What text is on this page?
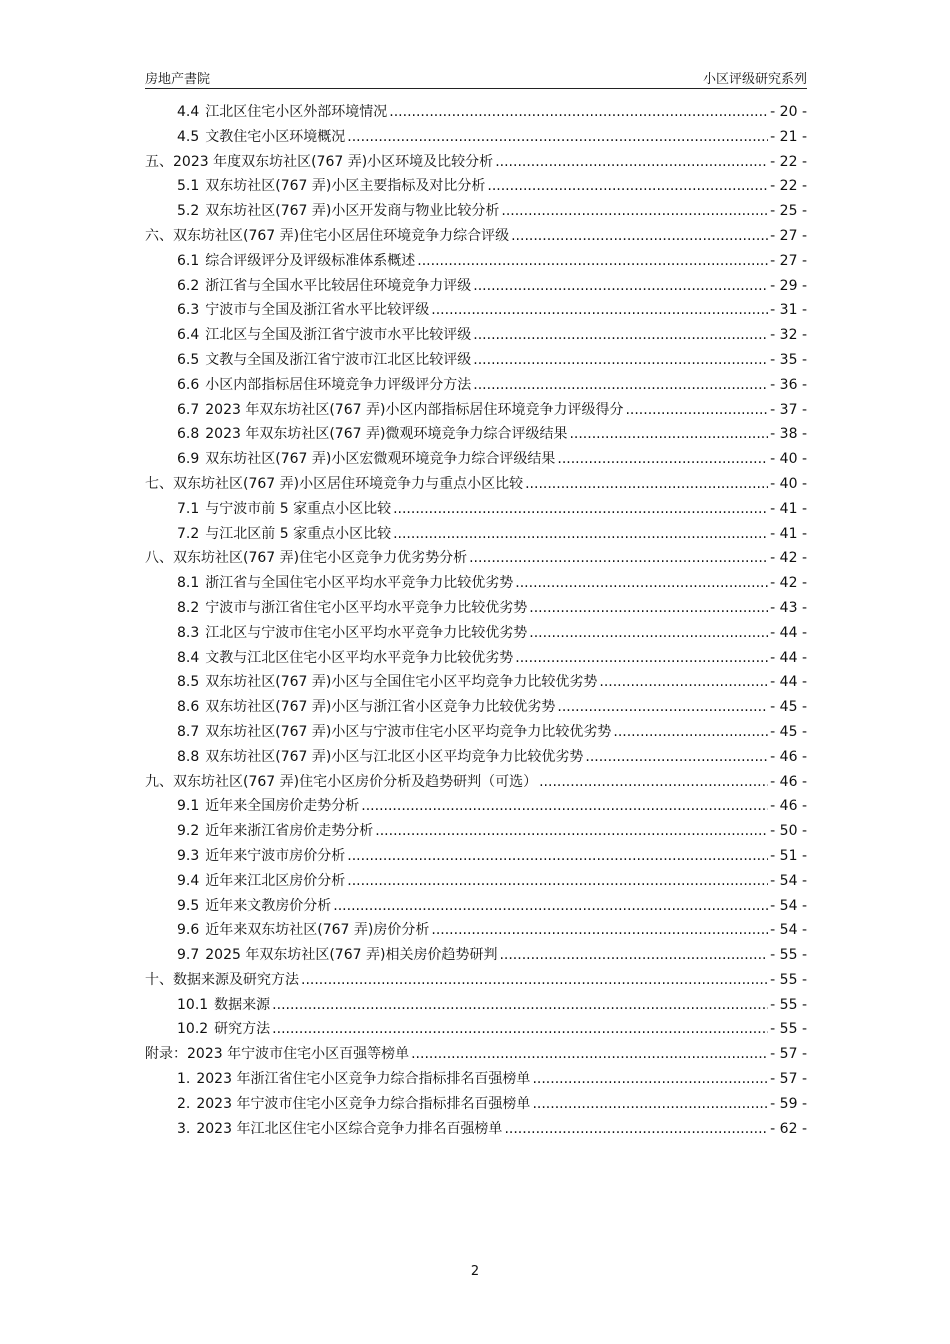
房地产書院	小区评级研究系列
4.4 江北区住宅小区外部环境情况 .....	- 20 -
4.5 文教住宅小区环境概况 .....	- 21 -
五、 2023 年度双东坊社区(767 弄)小区环境及比较分析 .....	- 22 -
5.1 双东坊社区(767 弄)小区主要指标及对比分析 .....	- 22 -
5.2 双东坊社区(767 弄)小区开发商与物业比较分析 .....	- 25 -
六、 双东坊社区(767 弄)住宅小区居住环境竞争力综合评级 .....	- 27 -
6.1 综合评级评分及评级标准体系概述 .....	- 27 -
6.2 浙江省与全国水平比较居住环境竞争力评级 .....	- 29 -
6.3 宁波市与全国及浙江省水平比较评级 .....	- 31 -
6.4 江北区与全国及浙江省宁波市水平比较评级 .....	- 32 -
6.5 文教与全国及浙江省宁波市江北区比较评级 .....	- 35 -
6.6 小区内部指标居住环境竞争力评级评分方法 .....	- 36 -
6.7 2023 年双东坊社区(767 弄)小区内部指标居住环境竞争力评级得分 .....	- 37 -
6.8 2023 年双东坊社区(767 弄)微观环境竞争力综合评级结果 .....	- 38 -
6.9 双东坊社区(767 弄)小区宏微观环境竞争力综合评级结果 .....	- 40 -
七、 双东坊社区(767 弄)小区居住环境竞争力与重点小区比较 .....	- 40 -
7.1 与宁波市前 5 家重点小区比较 .....	- 41 -
7.2 与江北区前 5 家重点小区比较 .....	- 41 -
八、 双东坊社区(767 弄)住宅小区竞争力优劣势分析 .....	- 42 -
8.1 浙江省与全国住宅小区平均水平竞争力比较优劣势 .....	- 42 -
8.2 宁波市与浙江省住宅小区平均水平竞争力比较优劣势 .....	- 43 -
8.3 江北区与宁波市住宅小区平均水平竞争力比较优劣势 .....	- 44 -
8.4 文教与江北区住宅小区平均水平竞争力比较优劣势 .....	- 44 -
8.5 双东坊社区(767 弄)小区与全国住宅小区平均竞争力比较优劣势 .....	- 44 -
8.6 双东坊社区(767 弄)小区与浙江省小区竞争力比较优劣势 .....	- 45 -
8.7 双东坊社区(767 弄)小区与宁波市住宅小区平均竞争力比较优劣势 .....	- 45 -
8.8 双东坊社区(767 弄)小区与江北区小区平均竞争力比较优劣势 .....	- 46 -
九、 双东坊社区(767 弄)住宅小区房价分析及趋势研判（可选） .....	- 46 -
9.1 近年来全国房价走势分析 .....	- 46 -
9.2 近年来浙江省房价走势分析 .....	- 50 -
9.3 近年来宁波市房价分析 .....	- 51 -
9.4 近年来江北区房价分析 .....	- 54 -
9.5 近年来文教房价分析 .....	- 54 -
9.6 近年来双东坊社区(767 弄)房价分析 .....	- 54 -
9.7 2025 年双东坊社区(767 弄)相关房价趋势研判 .....	- 55 -
十、 数据来源及研究方法 .....	- 55 -
10.1 数据来源 .....	- 55 -
10.2 研究方法 .....	- 55 -
附录： 2023 年宁波市住宅小区百强等榜单 .....	- 57 -
1. 2023 年浙江省住宅小区竞争力综合指标排名百强榜单 .....	- 57 -
2. 2023 年宁波市住宅小区竞争力综合指标排名百强榜单 .....	- 59 -
3. 2023 年江北区住宅小区综合竞争力排名百强榜单 .....	- 62 -
2
